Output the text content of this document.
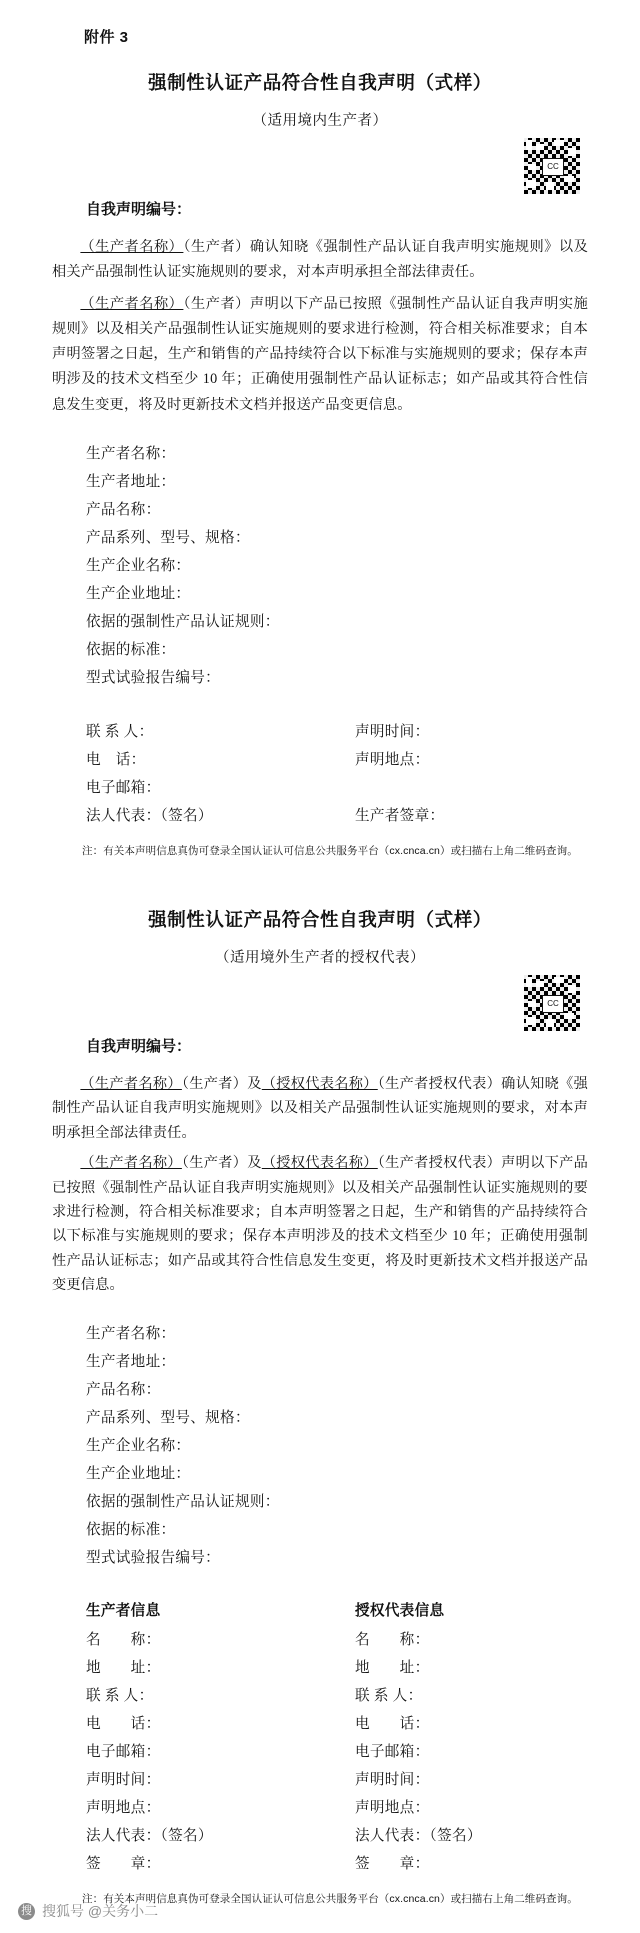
附件 3
强制性认证产品符合性自我声明（式样）
（适用境内生产者）
CC
自我声明编号：

（生产者名称）（生产者）确认知晓《强制性产品认证自我声明实施规则》以及相关产品强制性认证实施规则的要求，对本声明承担全部法律责任。

（生产者名称）（生产者）声明以下产品已按照《强制性产品认证自我声明实施规则》以及相关产品强制性认证实施规则的要求进行检测，符合相关标准要求；自本声明签署之日起，生产和销售的产品持续符合以下标准与实施规则的要求；保存本声明涉及的技术文档至少 10 年；正确使用强制性产品认证标志；如产品或其符合性信息发生变更，将及时更新技术文档并报送产品变更信息。

生产者名称：
生产者地址：
产品名称：
产品系列、型号、规格：
生产企业名称：
生产企业地址：
依据的强制性产品认证规则：
依据的标准：
型式试验报告编号：
联 系 人：
电　话：
电子邮箱：
法人代表：（签名）
声明时间：
声明地点：

生产者签章：
注：有关本声明信息真伪可登录全国认证认可信息公共服务平台（cx.cnca.cn）或扫描右上角二维码查询。
强制性认证产品符合性自我声明（式样）
（适用境外生产者的授权代表）
CC
自我声明编号：

（生产者名称）（生产者）及（授权代表名称）（生产者授权代表）确认知晓《强制性产品认证自我声明实施规则》以及相关产品强制性认证实施规则的要求，对本声明承担全部法律责任。

（生产者名称）（生产者）及（授权代表名称）（生产者授权代表）声明以下产品已按照《强制性产品认证自我声明实施规则》以及相关产品强制性认证实施规则的要求进行检测，符合相关标准要求；自本声明签署之日起，生产和销售的产品持续符合以下标准与实施规则的要求；保存本声明涉及的技术文档至少 10 年；正确使用强制性产品认证标志；如产品或其符合性信息发生变更，将及时更新技术文档并报送产品变更信息。

生产者名称：
生产者地址：
产品名称：
产品系列、型号、规格：
生产企业名称：
生产企业地址：
依据的强制性产品认证规则：
依据的标准：
型式试验报告编号：
生产者信息
名　　称：
地　　址：
联 系 人：
电　　话：
电子邮箱：
声明时间：
声明地点：
法人代表：（签名）
签　　章：
授权代表信息
名　　称：
地　　址：
联 系 人：
电　　话：
电子邮箱：
声明时间：
声明地点：
法人代表：（签名）
签　　章：
注：有关本声明信息真伪可登录全国认证认可信息公共服务平台（cx.cnca.cn）或扫描右上角二维码查询。
搜 搜狐号 @关务小二
